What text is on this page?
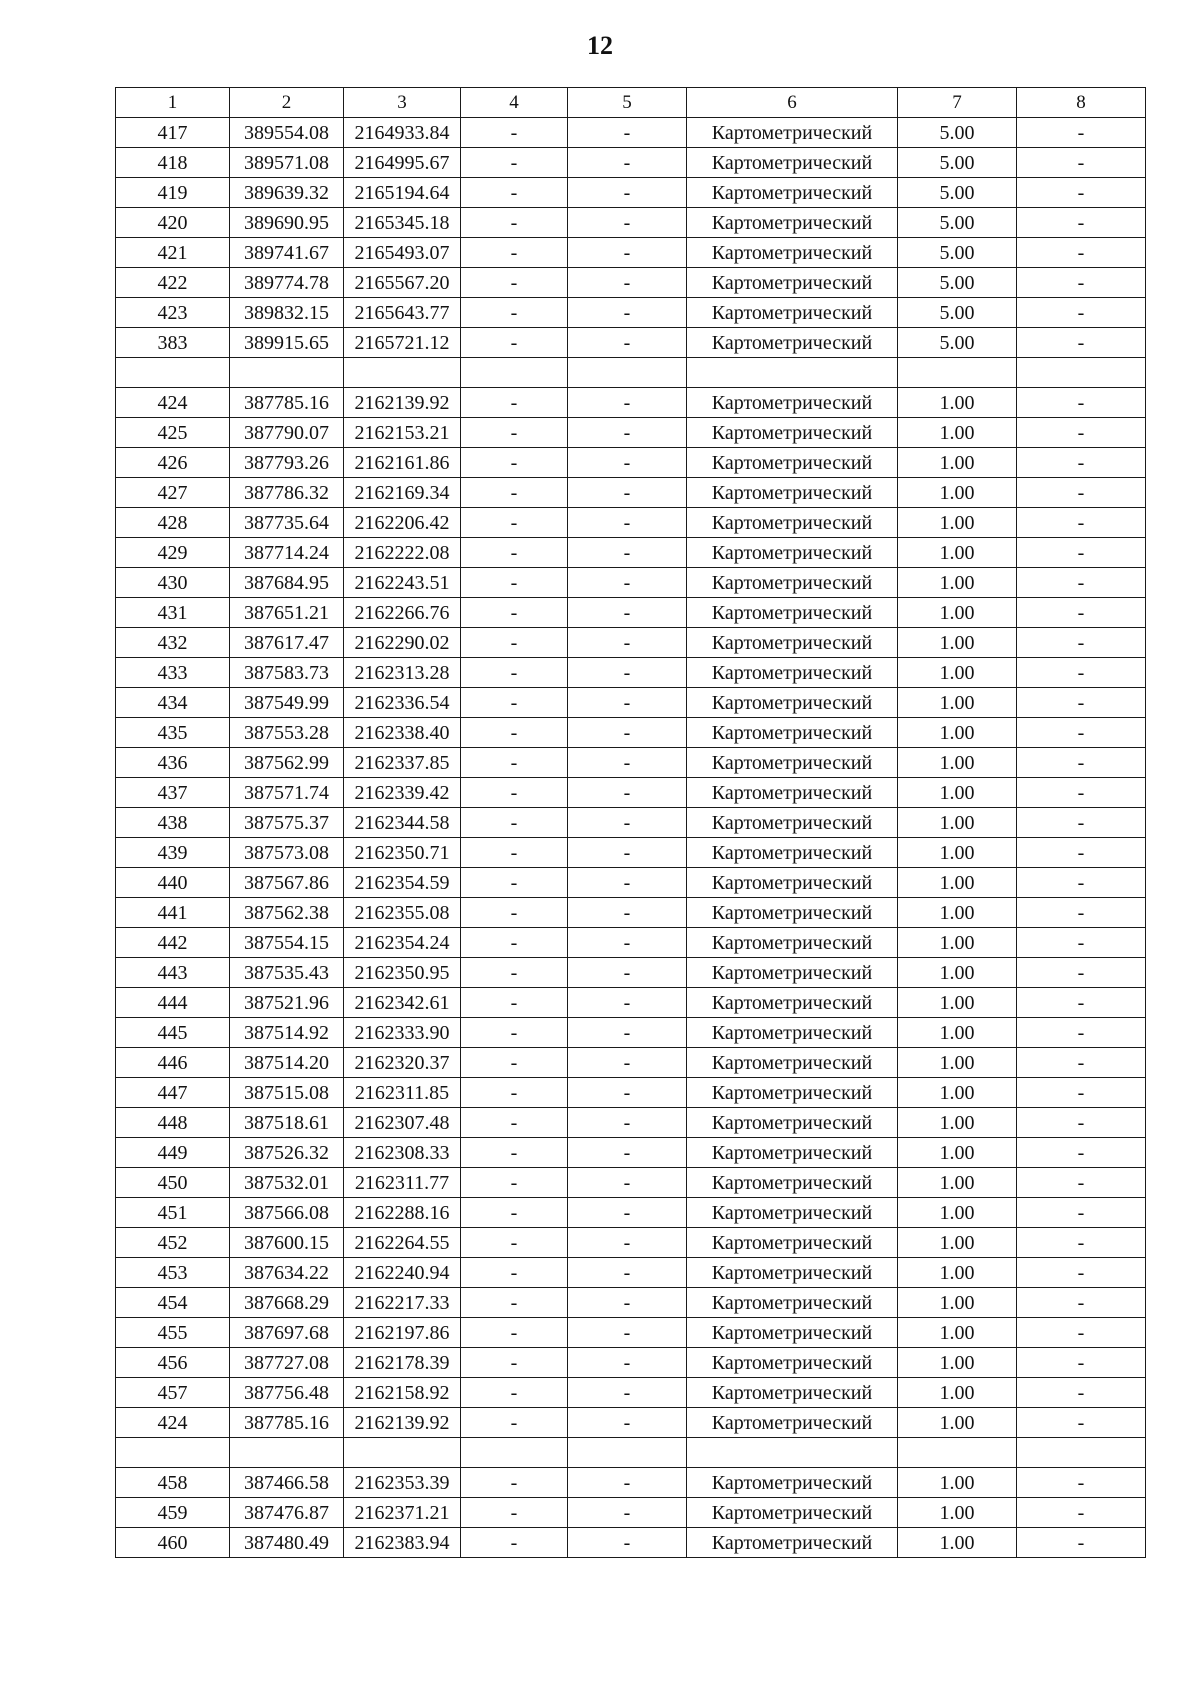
12
1	2	3	4	5	6	7	8
417	389554.08	2164933.84	-	-	Картометрический	5.00	-
418	389571.08	2164995.67	-	-	Картометрический	5.00	-
419	389639.32	2165194.64	-	-	Картометрический	5.00	-
420	389690.95	2165345.18	-	-	Картометрический	5.00	-
421	389741.67	2165493.07	-	-	Картометрический	5.00	-
422	389774.78	2165567.20	-	-	Картометрический	5.00	-
423	389832.15	2165643.77	-	-	Картометрический	5.00	-
383	389915.65	2165721.12	-	-	Картометрический	5.00	-

424	387785.16	2162139.92	-	-	Картометрический	1.00	-
425	387790.07	2162153.21	-	-	Картометрический	1.00	-
426	387793.26	2162161.86	-	-	Картометрический	1.00	-
427	387786.32	2162169.34	-	-	Картометрический	1.00	-
428	387735.64	2162206.42	-	-	Картометрический	1.00	-
429	387714.24	2162222.08	-	-	Картометрический	1.00	-
430	387684.95	2162243.51	-	-	Картометрический	1.00	-
431	387651.21	2162266.76	-	-	Картометрический	1.00	-
432	387617.47	2162290.02	-	-	Картометрический	1.00	-
433	387583.73	2162313.28	-	-	Картометрический	1.00	-
434	387549.99	2162336.54	-	-	Картометрический	1.00	-
435	387553.28	2162338.40	-	-	Картометрический	1.00	-
436	387562.99	2162337.85	-	-	Картометрический	1.00	-
437	387571.74	2162339.42	-	-	Картометрический	1.00	-
438	387575.37	2162344.58	-	-	Картометрический	1.00	-
439	387573.08	2162350.71	-	-	Картометрический	1.00	-
440	387567.86	2162354.59	-	-	Картометрический	1.00	-
441	387562.38	2162355.08	-	-	Картометрический	1.00	-
442	387554.15	2162354.24	-	-	Картометрический	1.00	-
443	387535.43	2162350.95	-	-	Картометрический	1.00	-
444	387521.96	2162342.61	-	-	Картометрический	1.00	-
445	387514.92	2162333.90	-	-	Картометрический	1.00	-
446	387514.20	2162320.37	-	-	Картометрический	1.00	-
447	387515.08	2162311.85	-	-	Картометрический	1.00	-
448	387518.61	2162307.48	-	-	Картометрический	1.00	-
449	387526.32	2162308.33	-	-	Картометрический	1.00	-
450	387532.01	2162311.77	-	-	Картометрический	1.00	-
451	387566.08	2162288.16	-	-	Картометрический	1.00	-
452	387600.15	2162264.55	-	-	Картометрический	1.00	-
453	387634.22	2162240.94	-	-	Картометрический	1.00	-
454	387668.29	2162217.33	-	-	Картометрический	1.00	-
455	387697.68	2162197.86	-	-	Картометрический	1.00	-
456	387727.08	2162178.39	-	-	Картометрический	1.00	-
457	387756.48	2162158.92	-	-	Картометрический	1.00	-
424	387785.16	2162139.92	-	-	Картометрический	1.00	-

458	387466.58	2162353.39	-	-	Картометрический	1.00	-
459	387476.87	2162371.21	-	-	Картометрический	1.00	-
460	387480.49	2162383.94	-	-	Картометрический	1.00	-
